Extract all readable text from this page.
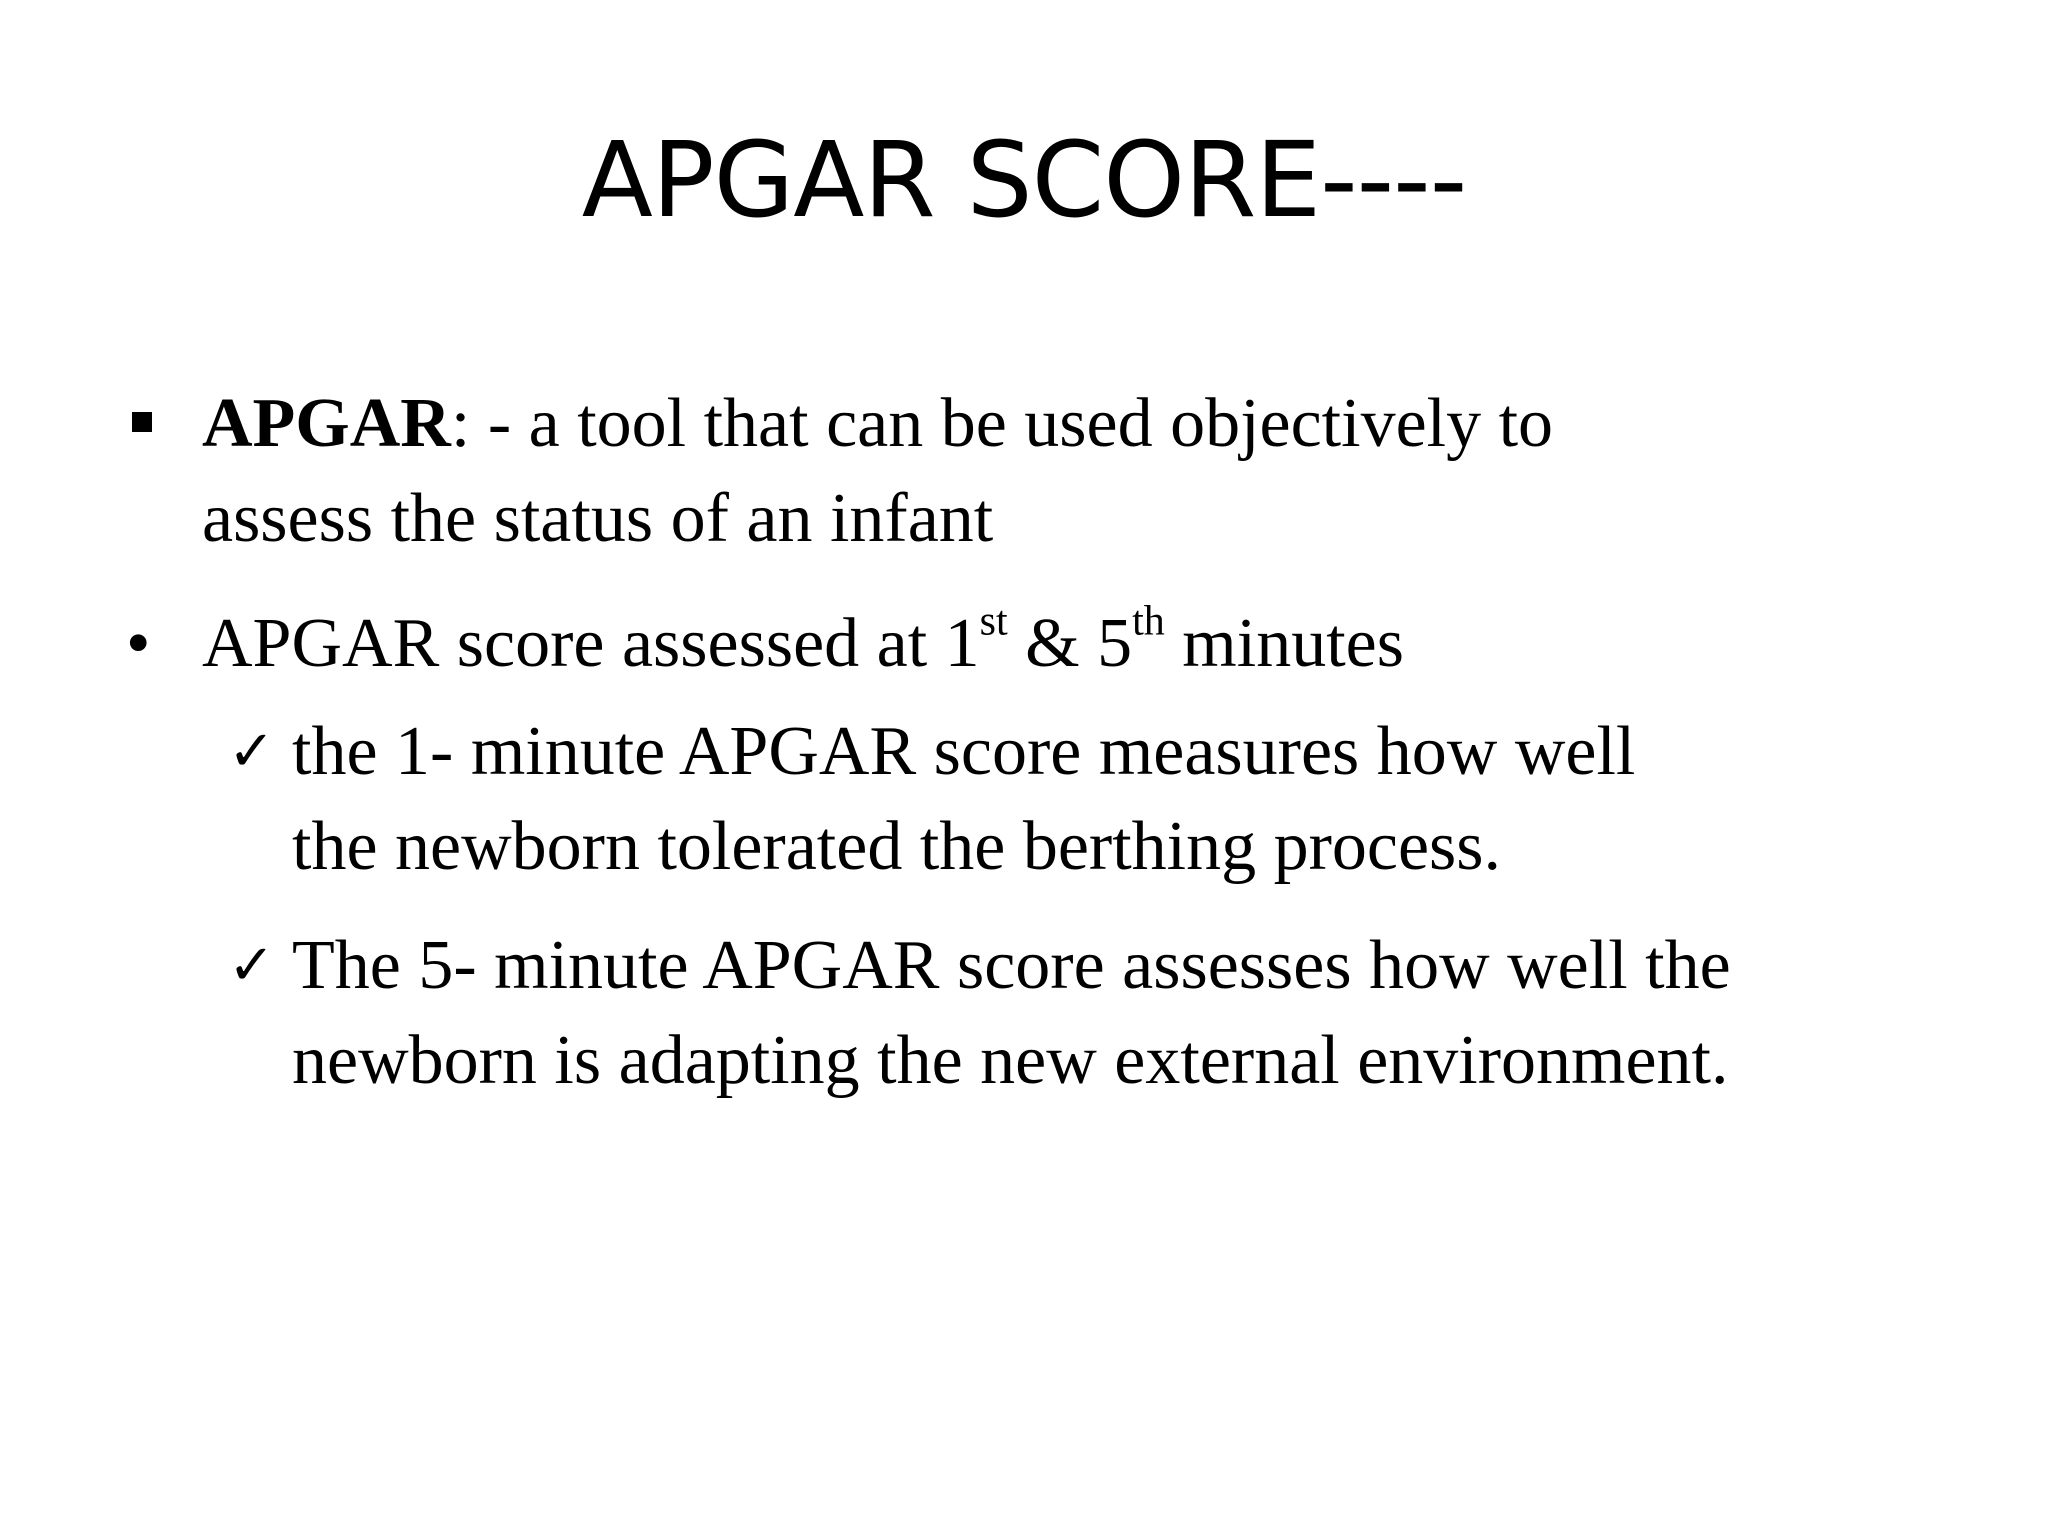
APGAR SCORE----
APGAR: - a tool that can be used objectively to
assess the status of an infant
• APGAR score assessed at 1st & 5th minutes
✓ the 1- minute APGAR score measures how well
the newborn tolerated the berthing process.
✓ The 5- minute APGAR score assesses how well the
newborn is adapting the new external environment.
